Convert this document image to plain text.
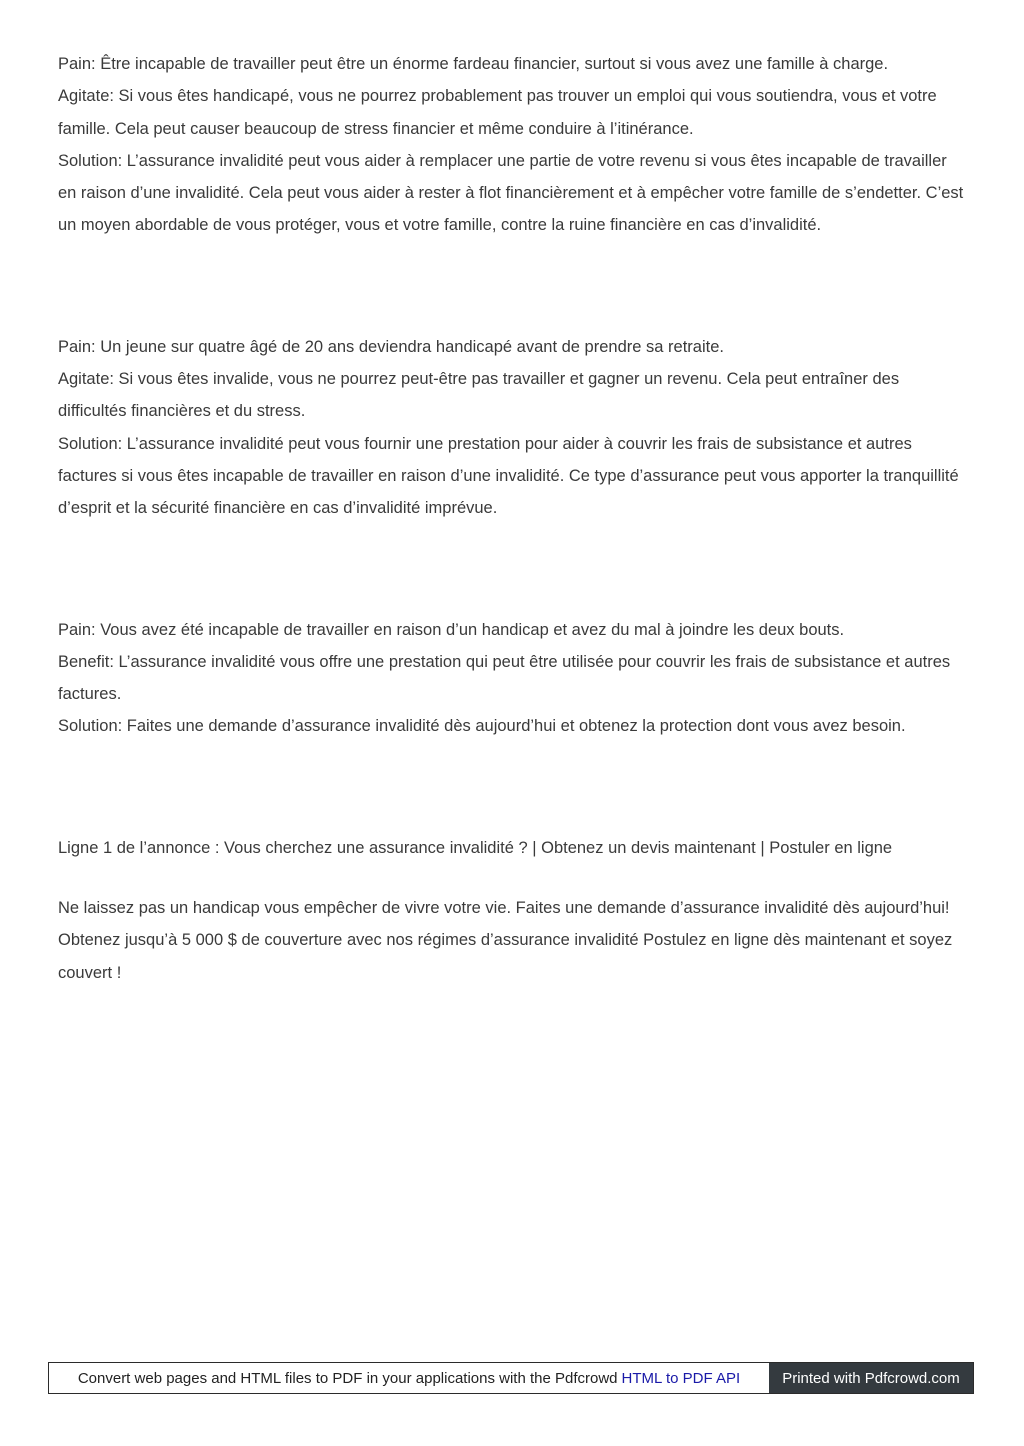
Pain: Être incapable de travailler peut être un énorme fardeau financier, surtout si vous avez une famille à charge.

Agitate: Si vous êtes handicapé, vous ne pourrez probablement pas trouver un emploi qui vous soutiendra, vous et votre famille. Cela peut causer beaucoup de stress financier et même conduire à l’itinérance.

Solution: L’assurance invalidité peut vous aider à remplacer une partie de votre revenu si vous êtes incapable de travailler en raison d’une invalidité. Cela peut vous aider à rester à flot financièrement et à empêcher votre famille de s’endetter. C’est un moyen abordable de vous protéger, vous et votre famille, contre la ruine financière en cas d’invalidité.

Pain: Un jeune sur quatre âgé de 20 ans deviendra handicapé avant de prendre sa retraite.

Agitate: Si vous êtes invalide, vous ne pourrez peut-être pas travailler et gagner un revenu. Cela peut entraîner des difficultés financières et du stress.

Solution: L’assurance invalidité peut vous fournir une prestation pour aider à couvrir les frais de subsistance et autres factures si vous êtes incapable de travailler en raison d’une invalidité. Ce type d’assurance peut vous apporter la tranquillité d’esprit et la sécurité financière en cas d’invalidité imprévue.

Pain: Vous avez été incapable de travailler en raison d’un handicap et avez du mal à joindre les deux bouts.

Benefit: L’assurance invalidité vous offre une prestation qui peut être utilisée pour couvrir les frais de subsistance et autres factures.

Solution: Faites une demande d’assurance invalidité dès aujourd’hui et obtenez la protection dont vous avez besoin.

Ligne 1 de l’annonce : Vous cherchez une assurance invalidité ? | Obtenez un devis maintenant | Postuler en ligne

Ne laissez pas un handicap vous empêcher de vivre votre vie. Faites une demande d’assurance invalidité dès aujourd’hui! Obtenez jusqu’à 5 000 $ de couverture avec nos régimes d’assurance invalidité Postulez en ligne dès maintenant et soyez couvert !

Convert web pages and HTML files to PDF in your applications with the Pdfcrowd HTML to PDF API	Printed with Pdfcrowd.com
